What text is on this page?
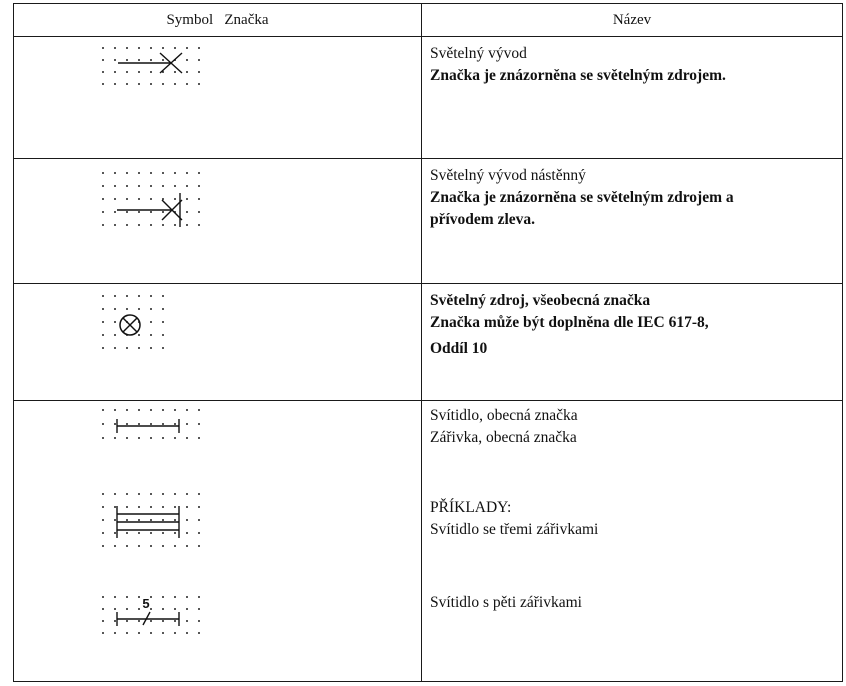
Symbol   Značka	Název
Světelný vývod
Značka je znázorněna se světelným zdrojem.
Světelný vývod nástěnný
Značka je znázorněna se světelným zdrojem a
přívodem zleva.
Světelný zdroj, všeobecná značka
Značka může být doplněna dle IEC 617-8,
Oddíl 10
Svítidlo, obecná značka
Zářivka, obecná značka
PŘÍKLADY:
Svítidlo se třemi zářivkami
Svítidlo s pěti zářivkami
5
